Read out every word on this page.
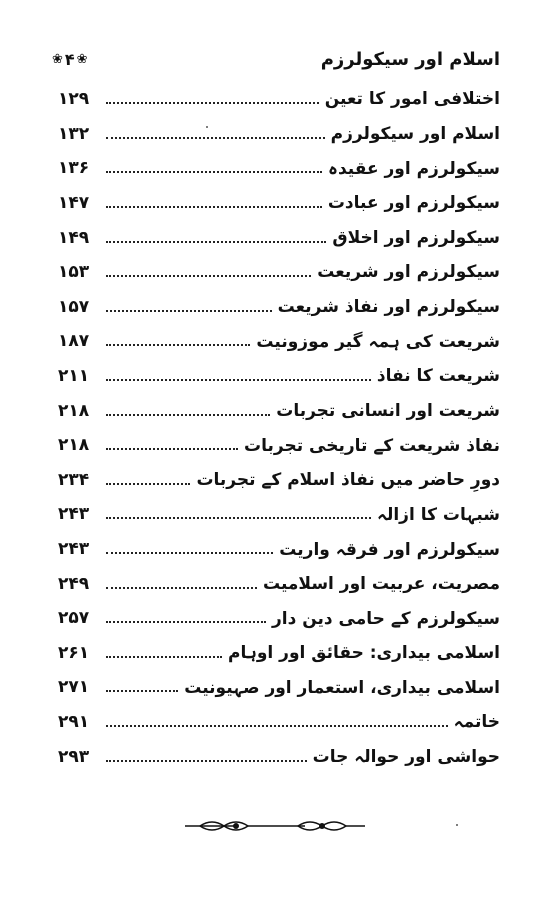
❀ ۴ ❀	اسلام اور سیکولرزم
اختلافی امور کا تعین
۱۲۹
اسلام اور سیکولرزم
۱۳۲
سیکولرزم اور عقیدہ
۱۳۶
سیکولرزم اور عبادت
۱۴۷
سیکولرزم اور اخلاق
۱۴۹
سیکولرزم اور شریعت
۱۵۳
سیکولرزم اور نفاذ شریعت
۱۵۷
شریعت کی ہمہ گیر موزونیت
۱۸۷
شریعت کا نفاذ
۲۱۱
شریعت اور انسانی تجربات
۲۱۸
نفاذ شریعت کے تاریخی تجربات
۲۱۸
دورِ حاضر میں نفاذ اسلام کے تجربات
۲۳۴
شبہات کا ازالہ
۲۴۳
سیکولرزم اور فرقہ واریت
۲۴۳
مصریت، عربیت اور اسلامیت
۲۴۹
سیکولرزم کے حامی دین دار
۲۵۷
اسلامی بیداری: حقائق اور اوہام
۲۶۱
اسلامی بیداری، استعمار اور صہیونیت
۲۷۱
خاتمہ
۲۹۱
حواشی اور حوالہ جات
۲۹۳
